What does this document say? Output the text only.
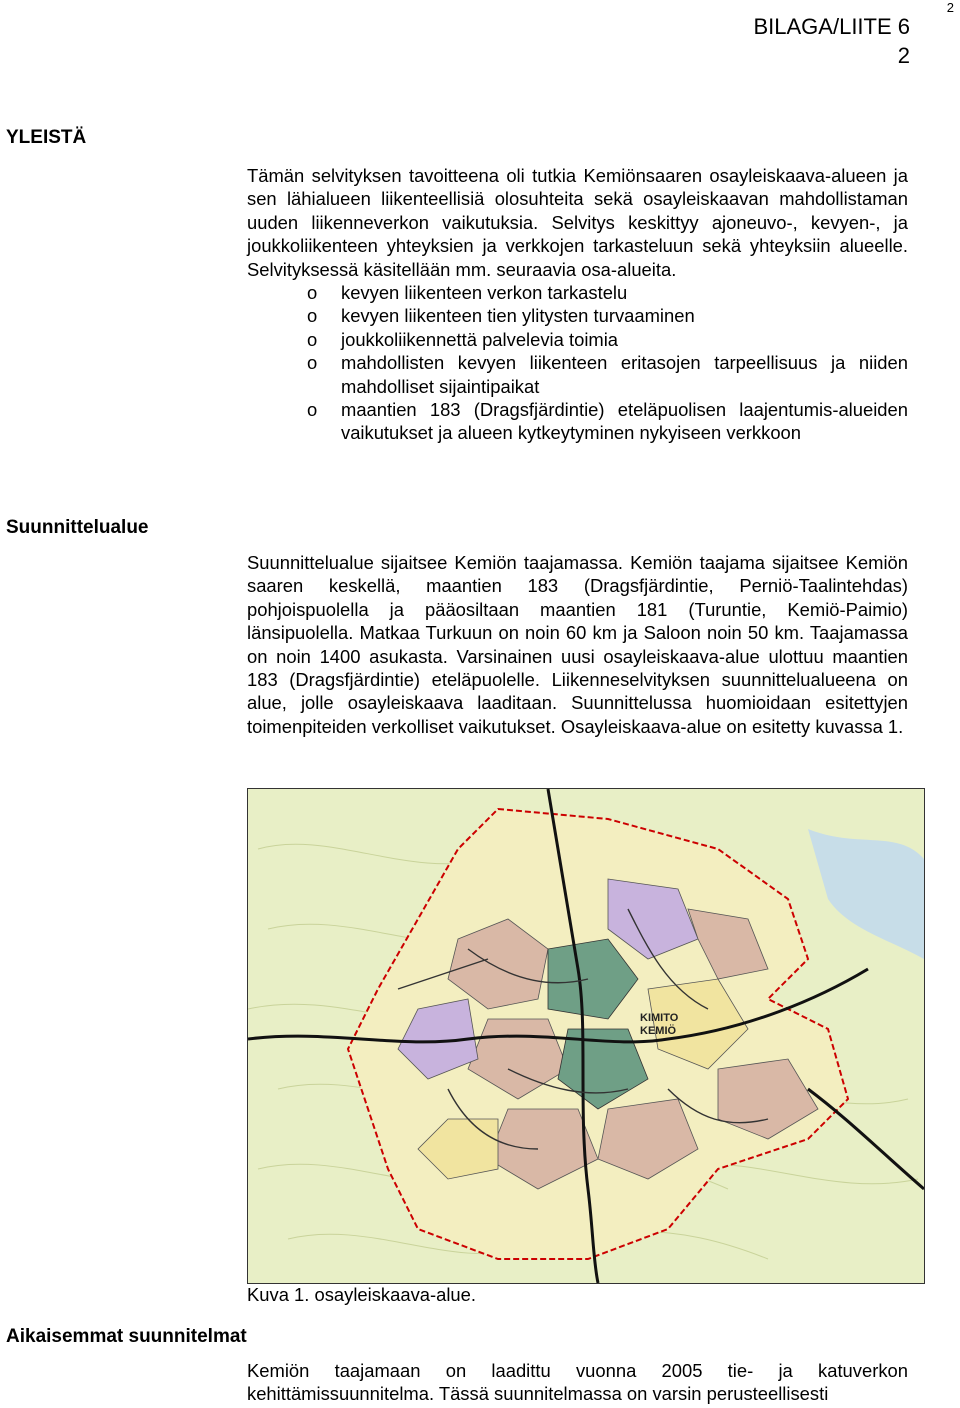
2
BILAGA/LIITE 6
2
YLEISTÄ

Tämän selvityksen tavoitteena oli tutkia Kemiönsaaren osayleiskaava-alueen ja sen lähialueen liikenteellisiä olosuhteita sekä osayleiskaavan mahdollistaman uuden liikenneverkon vaikutuksia. Selvitys keskittyy ajoneuvo-, kevyen-, ja joukkoliikenteen yhteyksien ja verkkojen tarkasteluun sekä yhteyksiin alueelle. Selvityksessä käsitellään mm. seuraavia osa-alueita.

o kevyen liikenteen verkon tarkastelu
o kevyen liikenteen tien ylitysten turvaaminen
o joukkoliikennettä palvelevia toimia
o mahdollisten kevyen liikenteen eritasojen tarpeellisuus ja niiden mahdolliset sijaintipaikat
o maantien 183 (Dragsfjärdintie) eteläpuolisen laajentumis-alueiden vaikutukset ja alueen kytkeytyminen nykyiseen verkkoon
Suunnittelualue

Suunnittelualue sijaitsee Kemiön taajamassa. Kemiön taajama sijaitsee Kemiön saaren keskellä, maantien 183 (Dragsfjärdintie, Perniö-Taalintehdas) pohjoispuolella ja pääosiltaan maantien 181 (Turuntie, Kemiö-Paimio) länsipuolella. Matkaa Turkuun on noin 60 km ja Saloon noin 50 km. Taajamassa on noin 1400 asukasta. Varsinainen uusi osayleiskaava-alue ulottuu maantien 183 (Dragsfjärdintie) eteläpuolelle. Liikenneselvityksen suunnittelualueena on alue, jolle osayleiskaava laaditaan. Suunnittelussa huomioidaan esitettyjen toimenpiteiden verkolliset vaikutukset. Osayleiskaava-alue on esitetty kuvassa 1.

KIMITO
KEMIÖ
Kuva 1. osayleiskaava-alue.
Aikaisemmat suunnitelmat

Kemiön taajamaan on laadittu vuonna 2005 tie- ja katuverkon kehittämissuunnitelma. Tässä suunnitelmassa on varsin perusteellisesti
